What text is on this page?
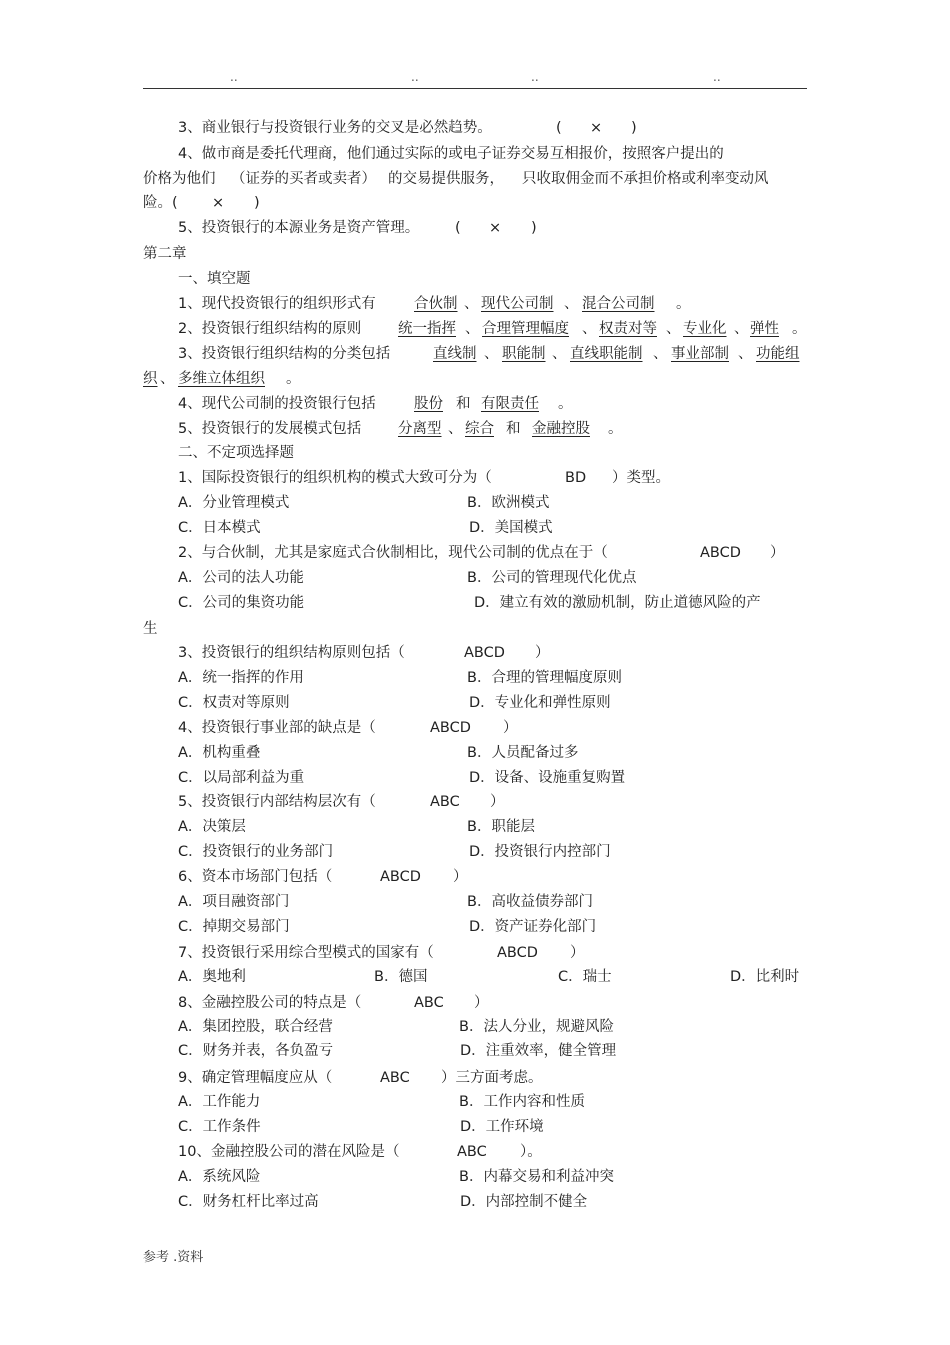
..	..	..	..
3、商业银行与投资银行业务的交叉是必然趋势。	( × )
4、做市商是委托代理商，他们通过实际的或电子证券交易互相报价，按照客户提出的
价格为他们 （证券的买者或卖者） 的交易提供服务， 只收取佣金而不承担价格或利率变动风
险。( × )
5、投资银行的本源业务是资产管理。 ( × )
第二章
一、填空题
1、现代投资银行的组织形式有	合伙制 、 现代公司制 、 混合公司制 。
2、投资银行组织结构的原则	统一指挥 、 合理管理幅度 、 权责对等 、 专业化 、 弹性 。
3、投资银行组织结构的分类包括	直线制 、 职能制 、 直线职能制 、 事业部制 、 功能组
织 、 多维立体组织 。
4、现代公司制的投资银行包括	股份 和 有限责任 。
5、投资银行的发展模式包括	分离型 、 综合 和 金融控股 。
二、不定项选择题
1、国际投资银行的组织机构的模式大致可分为（	BD ）类型。
A．分业管理模式	B．欧洲模式
C．日本模式	D．美国模式
2、与合伙制，尤其是家庭式合伙制相比，现代公司制的优点在于（	ABCD ）
A．公司的法人功能	B．公司的管理现代化优点
C．公司的集资功能	D．建立有效的激励机制，防止道德风险的产
生
3、投资银行的组织结构原则包括（	ABCD ）
A．统一指挥的作用	B．合理的管理幅度原则
C．权责对等原则	D．专业化和弹性原则
4、投资银行事业部的缺点是（	ABCD ）
A．机构重叠	B．人员配备过多
C．以局部利益为重	D．设备、设施重复购置
5、投资银行内部结构层次有（	ABC ）
A．决策层	B．职能层
C．投资银行的业务部门	D．投资银行内控部门
6、资本市场部门包括（	ABCD ）
A．项目融资部门	B．高收益债券部门
C．掉期交易部门	D．资产证券化部门
7、投资银行采用综合型模式的国家有（	ABCD ）
A．奥地利	B．德国	C．瑞士	D．比利时
8、金融控股公司的特点是（	ABC ）
A．集团控股，联合经营	B．法人分业，规避风险
C．财务并表，各负盈亏	D．注重效率，健全管理
9、确定管理幅度应从（	ABC ）三方面考虑。
A．工作能力	B．工作内容和性质
C．工作条件	D．工作环境
10、金融控股公司的潜在风险是（	ABC ）。
A．系统风险	B．内幕交易和利益冲突
C．财务杠杆比率过高	D．内部控制不健全
参考 .资料
